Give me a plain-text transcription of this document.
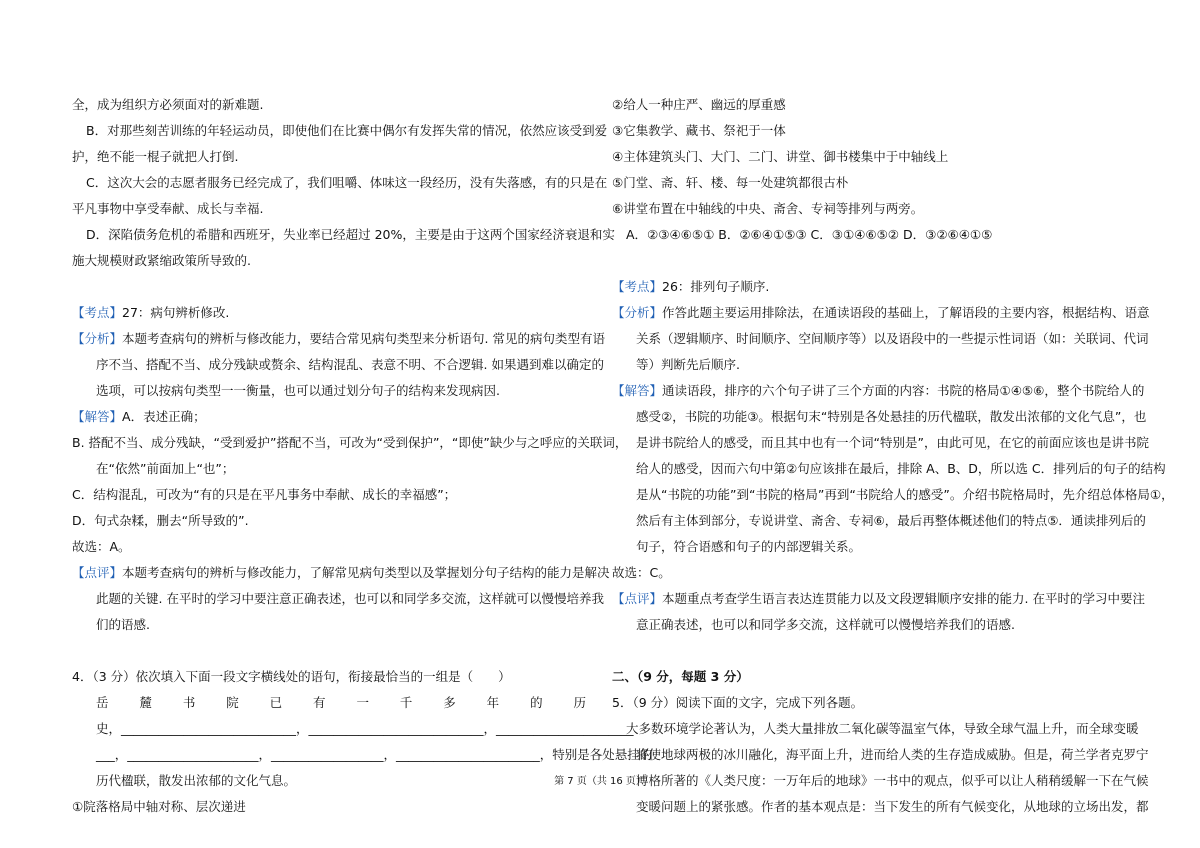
全，成为组织方必须面对的新难题.
B．对那些刻苦训练的年轻运动员，即使他们在比赛中偶尔有发挥失常的情况，依然应该受到爱
护，绝不能一棍子就把人打倒.
C．这次大会的志愿者服务已经完成了，我们咀嚼、体味这一段经历，没有失落感，有的只是在
平凡事物中享受奉献、成长与幸福.
D．深陷债务危机的希腊和西班牙，失业率已经超过 20%，主要是由于这两个国家经济衰退和实
施大规模财政紧缩政策所导致的.
【考点】27：病句辨析修改.
【分析】本题考查病句的辨析与修改能力，要结合常见病句类型来分析语句. 常见的病句类型有语
序不当、搭配不当、成分残缺或赘余、结构混乱、表意不明、不合逻辑. 如果遇到难以确定的
选项，可以按病句类型一一衡量，也可以通过划分句子的结构来发现病因.
【解答】A．表述正确；
B. 搭配不当、成分残缺，“受到爱护”搭配不当，可改为“受到保护”，“即使”缺少与之呼应的关联词，
在“依然”前面加上“也”；
C．结构混乱，可改为“有的只是在平凡事务中奉献、成长的幸福感”；
D．句式杂糅，删去“所导致的”.
故选：A。
【点评】本题考查病句的辨析与修改能力，了解常见病句类型以及掌握划分句子结构的能力是解决
此题的关键. 在平时的学习中要注意正确表述，也可以和同学多交流，这样就可以慢慢培养我
们的语感.
4．（3 分）依次填入下面一段文字横线处的语句，衔接最恰当的一组是（　　）
岳 麓 书 院 已 有 一 千 多 年 的 历
史，____________________________，____________________________，______________________
___，_____________________，__________________，_______________________，特别是各处悬挂的
历代楹联，散发出浓郁的文化气息。
①院落格局中轴对称、层次递进
②给人一种庄严、幽远的厚重感
③它集教学、藏书、祭祀于一体
④主体建筑头门、大门、二门、讲堂、御书楼集中于中轴线上
⑤门堂、斋、轩、楼、每一处建筑都很古朴
⑥讲堂布置在中轴线的中央、斋舍、专祠等排列与两旁。
A．②③④⑥⑤① B．②⑥④①⑤③ C．③①④⑥⑤② D．③②⑥④①⑤
【考点】26：排列句子顺序.
【分析】作答此题主要运用排除法，在通读语段的基础上，了解语段的主要内容，根据结构、语意
关系（逻辑顺序、时间顺序、空间顺序等）以及语段中的一些提示性词语（如：关联词、代词
等）判断先后顺序.
【解答】通读语段，排序的六个句子讲了三个方面的内容：书院的格局①④⑤⑥，整个书院给人的
感受②，书院的功能③。根据句末“特别是各处悬挂的历代楹联，散发出浓郁的文化气息”，也
是讲书院给人的感受，而且其中也有一个词“特别是”，由此可见，在它的前面应该也是讲书院
给人的感受，因而六句中第②句应该排在最后，排除 A、B、D，所以选 C．排列后的句子的结构
是从“书院的功能”到“书院的格局”再到“书院给人的感受”。介绍书院格局时，先介绍总体格局①，
然后有主体到部分，专说讲堂、斋舍、专祠⑥，最后再整体概述他们的特点⑤．通读排列后的
句子，符合语感和句子的内部逻辑关系。
故选：C。
【点评】本题重点考查学生语言表达连贯能力以及文段逻辑顺序安排的能力. 在平时的学习中要注
意正确表述，也可以和同学多交流，这样就可以慢慢培养我们的语感.
二、（9 分，每题 3 分）
5．（9 分）阅读下面的文字，完成下列各题。
大多数环境学论著认为，人类大量排放二氧化碳等温室气体，导致全球气温上升，而全球变暖
将使地球两极的冰川融化，海平面上升，进而给人类的生存造成威胁。但是，荷兰学者克罗宁
博格所著的《人类尺度：一万年后的地球》一书中的观点，似乎可以让人稍稍缓解一下在气候
变暖问题上的紧张感。作者的基本观点是：当下发生的所有气候变化，从地球的立场出发，都
第 7 页（共 16 页）
